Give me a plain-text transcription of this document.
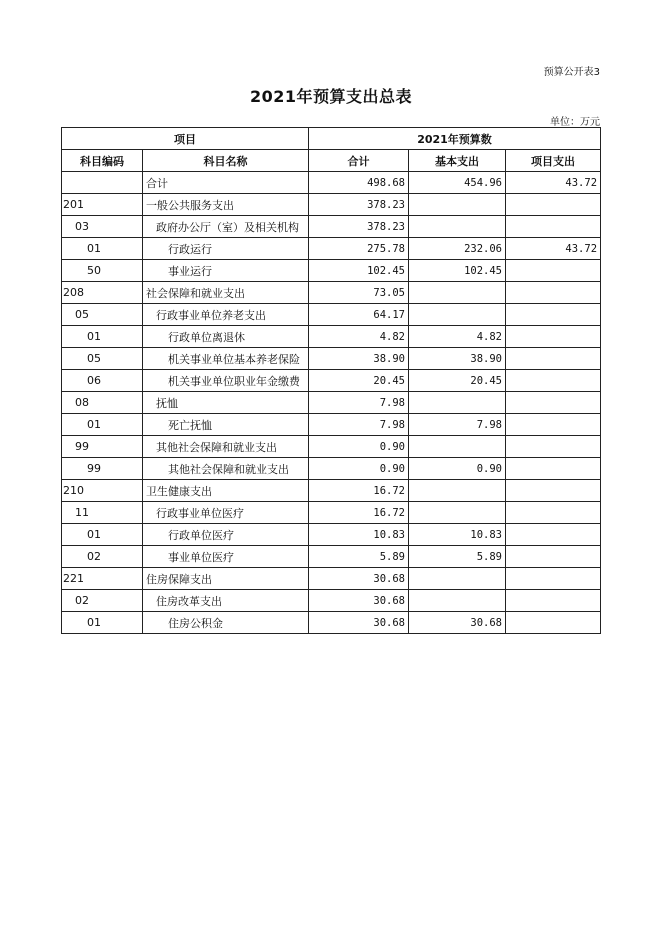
预算公开表3
2021年预算支出总表
单位：万元
项目		2021年预算数		
科目编码	科目名称	合计	基本支出	项目支出
	合计	498.68	454.96	43.72
201	一般公共服务支出	378.23		
03	政府办公厅（室）及相关机构	378.23		
01	行政运行	275.78	232.06	43.72
50	事业运行	102.45	102.45	
208	社会保障和就业支出	73.05		
05	行政事业单位养老支出	64.17		
01	行政单位离退休	4.82	4.82	
05	机关事业单位基本养老保险	38.90	38.90	
06	机关事业单位职业年金缴费	20.45	20.45	
08	抚恤	7.98		
01	死亡抚恤	7.98	7.98	
99	其他社会保障和就业支出	0.90		
99	其他社会保障和就业支出	0.90	0.90	
210	卫生健康支出	16.72		
11	行政事业单位医疗	16.72		
01	行政单位医疗	10.83	10.83	
02	事业单位医疗	5.89	5.89	
221	住房保障支出	30.68		
02	住房改革支出	30.68		
01	住房公积金	30.68	30.68	
